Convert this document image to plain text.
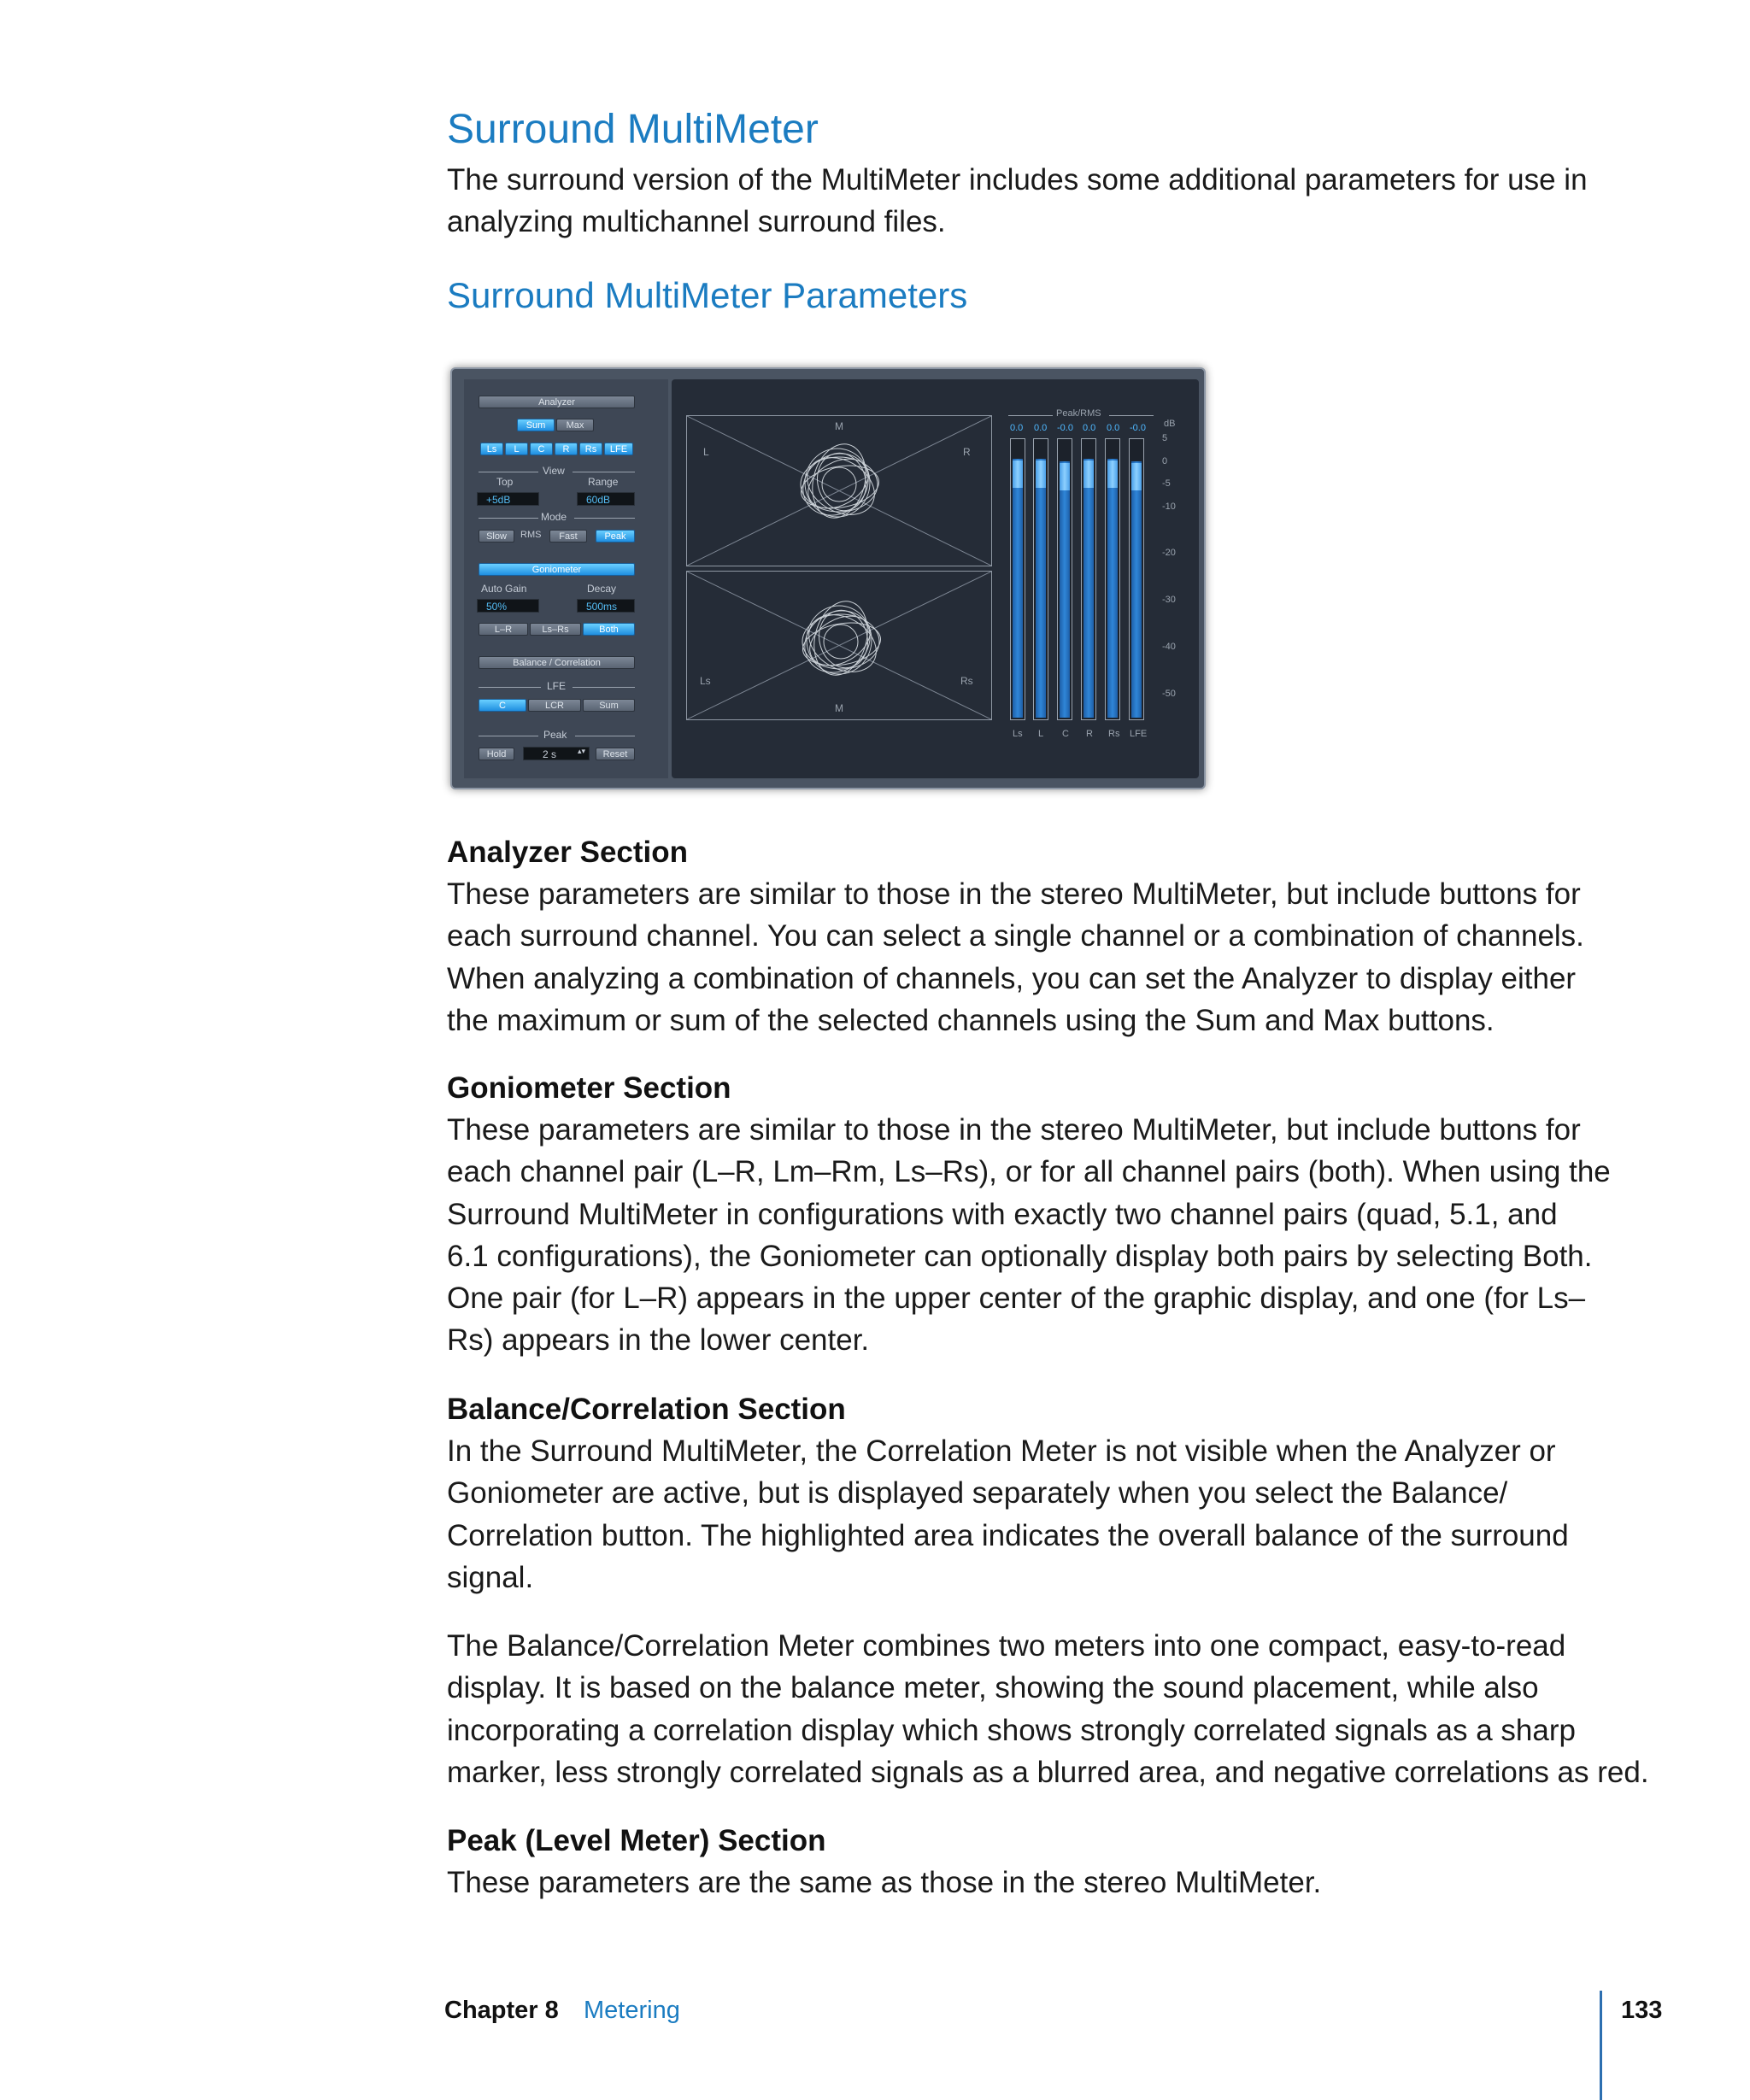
Surround MultiMeter

The surround version of the MultiMeter includes some additional parameters for use in
analyzing multichannel surround files.

Surround MultiMeter Parameters
Analyzer
Sum	Max
Ls	L	C	R	Rs	LFE
View
Top	Range
+5dB	60dB
Mode
Slow	RMS	Fast	Peak
Goniometer
Auto Gain	Decay
50%	500ms
L–R	Ls–Rs	Both
Balance / Correlation
LFE
C	LCR	Sum
Peak
Hold	2 s	▴▾	Reset
M
L	R
Ls	Rs
M
Peak/RMS
dB
0.0 0.0 -0.0 0.0 0.0 -0.0
5
0
-5
-10
-20
-30
-40
-50
Ls L C R Rs LFE
Analyzer Section

These parameters are similar to those in the stereo MultiMeter, but include buttons for
each surround channel. You can select a single channel or a combination of channels.
When analyzing a combination of channels, you can set the Analyzer to display either
the maximum or sum of the selected channels using the Sum and Max buttons.

Goniometer Section

These parameters are similar to those in the stereo MultiMeter, but include buttons for
each channel pair (L–R, Lm–Rm, Ls–Rs), or for all channel pairs (both). When using the
Surround MultiMeter in configurations with exactly two channel pairs (quad, 5.1, and
6.1 configurations), the Goniometer can optionally display both pairs by selecting Both.
One pair (for L–R) appears in the upper center of the graphic display, and one (for Ls–
Rs) appears in the lower center.

Balance/Correlation Section

In the Surround MultiMeter, the Correlation Meter is not visible when the Analyzer or
Goniometer are active, but is displayed separately when you select the Balance/
Correlation button. The highlighted area indicates the overall balance of the surround
signal.

The Balance/Correlation Meter combines two meters into one compact, easy-to-read
display. It is based on the balance meter, showing the sound placement, while also
incorporating a correlation display which shows strongly correlated signals as a sharp
marker, less strongly correlated signals as a blurred area, and negative correlations as red.

Peak (Level Meter) Section

These parameters are the same as those in the stereo MultiMeter.

Chapter 8 Metering	133
